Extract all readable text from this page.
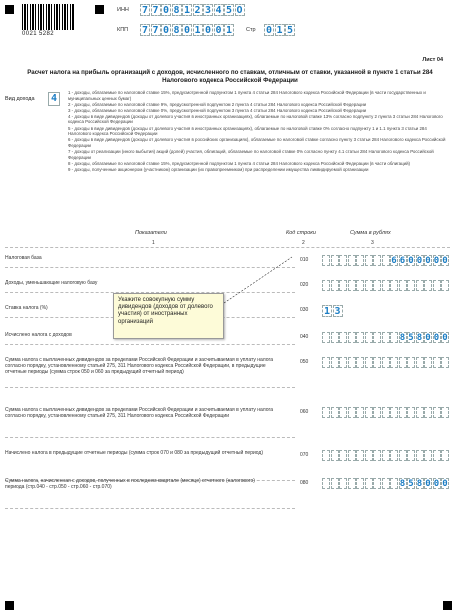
0021 5282
ИНН 7 7 0 8 1 2 3 4 5 O
КПП 7 7 0 8 0 1 0 0 1	Стр 0 1 5
Лист 04
Расчет налога на прибыль организаций с доходов, исчисленного по ставкам, отличным от ставки, указанной в пункте 1 статьи 284 Налогового кодекса Российской Федерации
Вид дохода 4
1 - доходы, облагаемые по налоговой ставке 15%, предусмотренной подпунктом 1 пункта 4 статьи 284 Налогового кодекса Российской Федерации (в части государственных и муниципальных ценных бумаг)
2 - доходы, облагаемые по налоговой ставке 9%, предусмотренной подпунктом 2 пункта 4 статьи 284 Налогового кодекса Российской Федерации
3 - доходы, облагаемые по налоговой ставке 0%, предусмотренной подпунктом 3 пункта 4 статьи 284 Налогового кодекса Российской Федерации
4 - доходы в виде дивидендов (доходы от долевого участия в иностранных организациях), облагаемые по налоговой ставке 13% согласно подпункту 2 пункта 3 статьи 284 Налогового кодекса Российской Федерации
5 - доходы в виде дивидендов (доходы от долевого участия в иностранных организациях), облагаемые по налоговой ставке 0% согласно подпункту 1 и 1.1 пункта 3 статьи 284 Налогового кодекса Российской Федерации
6 - доходы в виде дивидендов (доходы от долевого участия в российских организациях), облагаемые по налоговой ставке согласно пункту 3 статьи 284 Налогового кодекса Российской Федерации
7 - доходы от реализации (иного выбытия) акций (долей) участия, облигаций, облагаемые по налоговой ставке 0% согласно пункту 4.1 статьи 284 Налогового кодекса Российской Федерации
8 - доходы, облагаемые по налоговой ставке 15%, предусмотренной подпунктом 1 пункта 4 статьи 284 Налогового кодекса Российской Федерации (в части облигаций)
9 - доходы, полученные акционером (участником) организации (их правопреемником) при распределении имущества ликвидируемой организации
Показатели	Код строки	Сумма в рублях
1	2	3
Налоговая база	010	6 6 0 0 0 0 0
Доходы, уменьшающие налоговую базу	020
Ставка налога (%)	030 1 3
Исчислено налога с доходов	040	8 5 8 0 0 0
Сумма налога с выплаченных дивидендов за пределами Российской Федерации и засчитываемая в уплату налога согласно порядку, установленному статьей 275, 311 Налогового кодекса Российской Федерации, в предыдущие отчетные периоды (сумма строк 050 и 060 за предыдущий отчетный период)
050
Сумма налога с выплаченных дивидендов за пределами Российской Федерации и засчитываемая в уплату налога согласно порядку, установленному статьей 275, 311 Налогового кодекса Российской Федерации
060
Начислено налога в предыдущие отчетные периоды (сумма строк 070 и 080 за предыдущий отчетный период)	070
Сумма налога, начисленная с доходов, полученных в последнем квартале (месяце) отчетного (налогового) периода (стр.040 - стр.050 - стр.060 - стр.070)
080	8 5 8 0 0 0
Укажите совокупную сумму дивидендов (доходов от долевого участия) от иностранных организаций
